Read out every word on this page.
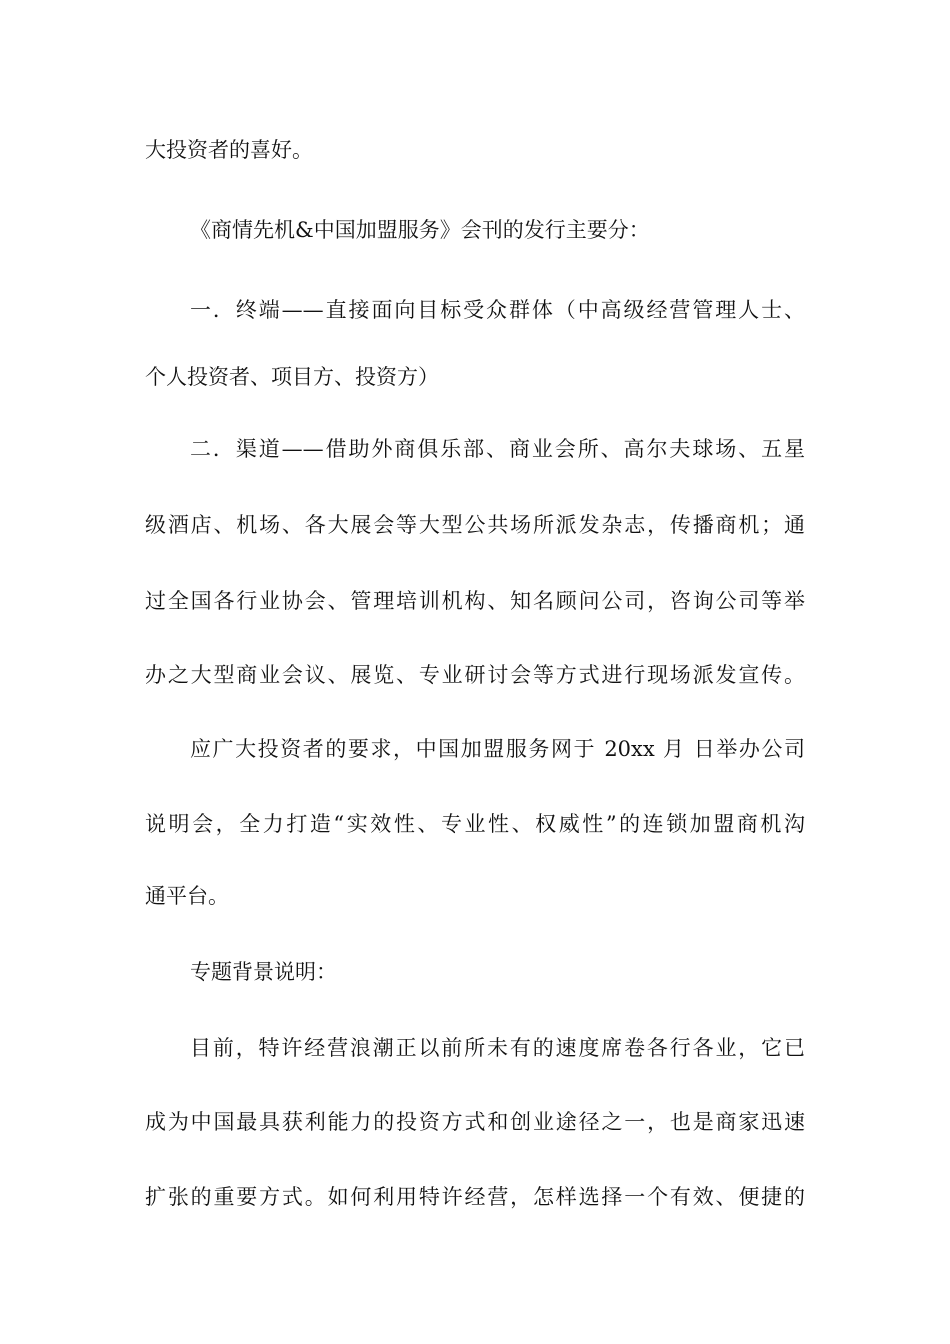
大投资者的喜好。
《商情先机&中国加盟服务》会刊的发行主要分：
一．终端——直接面向目标受众群体（中高级经营管理人士、
个人投资者、项目方、投资方）
二．渠道——借助外商俱乐部、商业会所、高尔夫球场、五星
级酒店、机场、各大展会等大型公共场所派发杂志，传播商机；通
过全国各行业协会、管理培训机构、知名顾问公司，咨询公司等举
办之大型商业会议、展览、专业研讨会等方式进行现场派发宣传。
应广大投资者的要求，中国加盟服务网于 20xx 月 日举办公司
说明会，全力打造“实效性、专业性、权威性”的连锁加盟商机沟
通平台。
专题背景说明：
目前，特许经营浪潮正以前所未有的速度席卷各行各业，它已
成为中国最具获利能力的投资方式和创业途径之一，也是商家迅速
扩张的重要方式。如何利用特许经营，怎样选择一个有效、便捷的
